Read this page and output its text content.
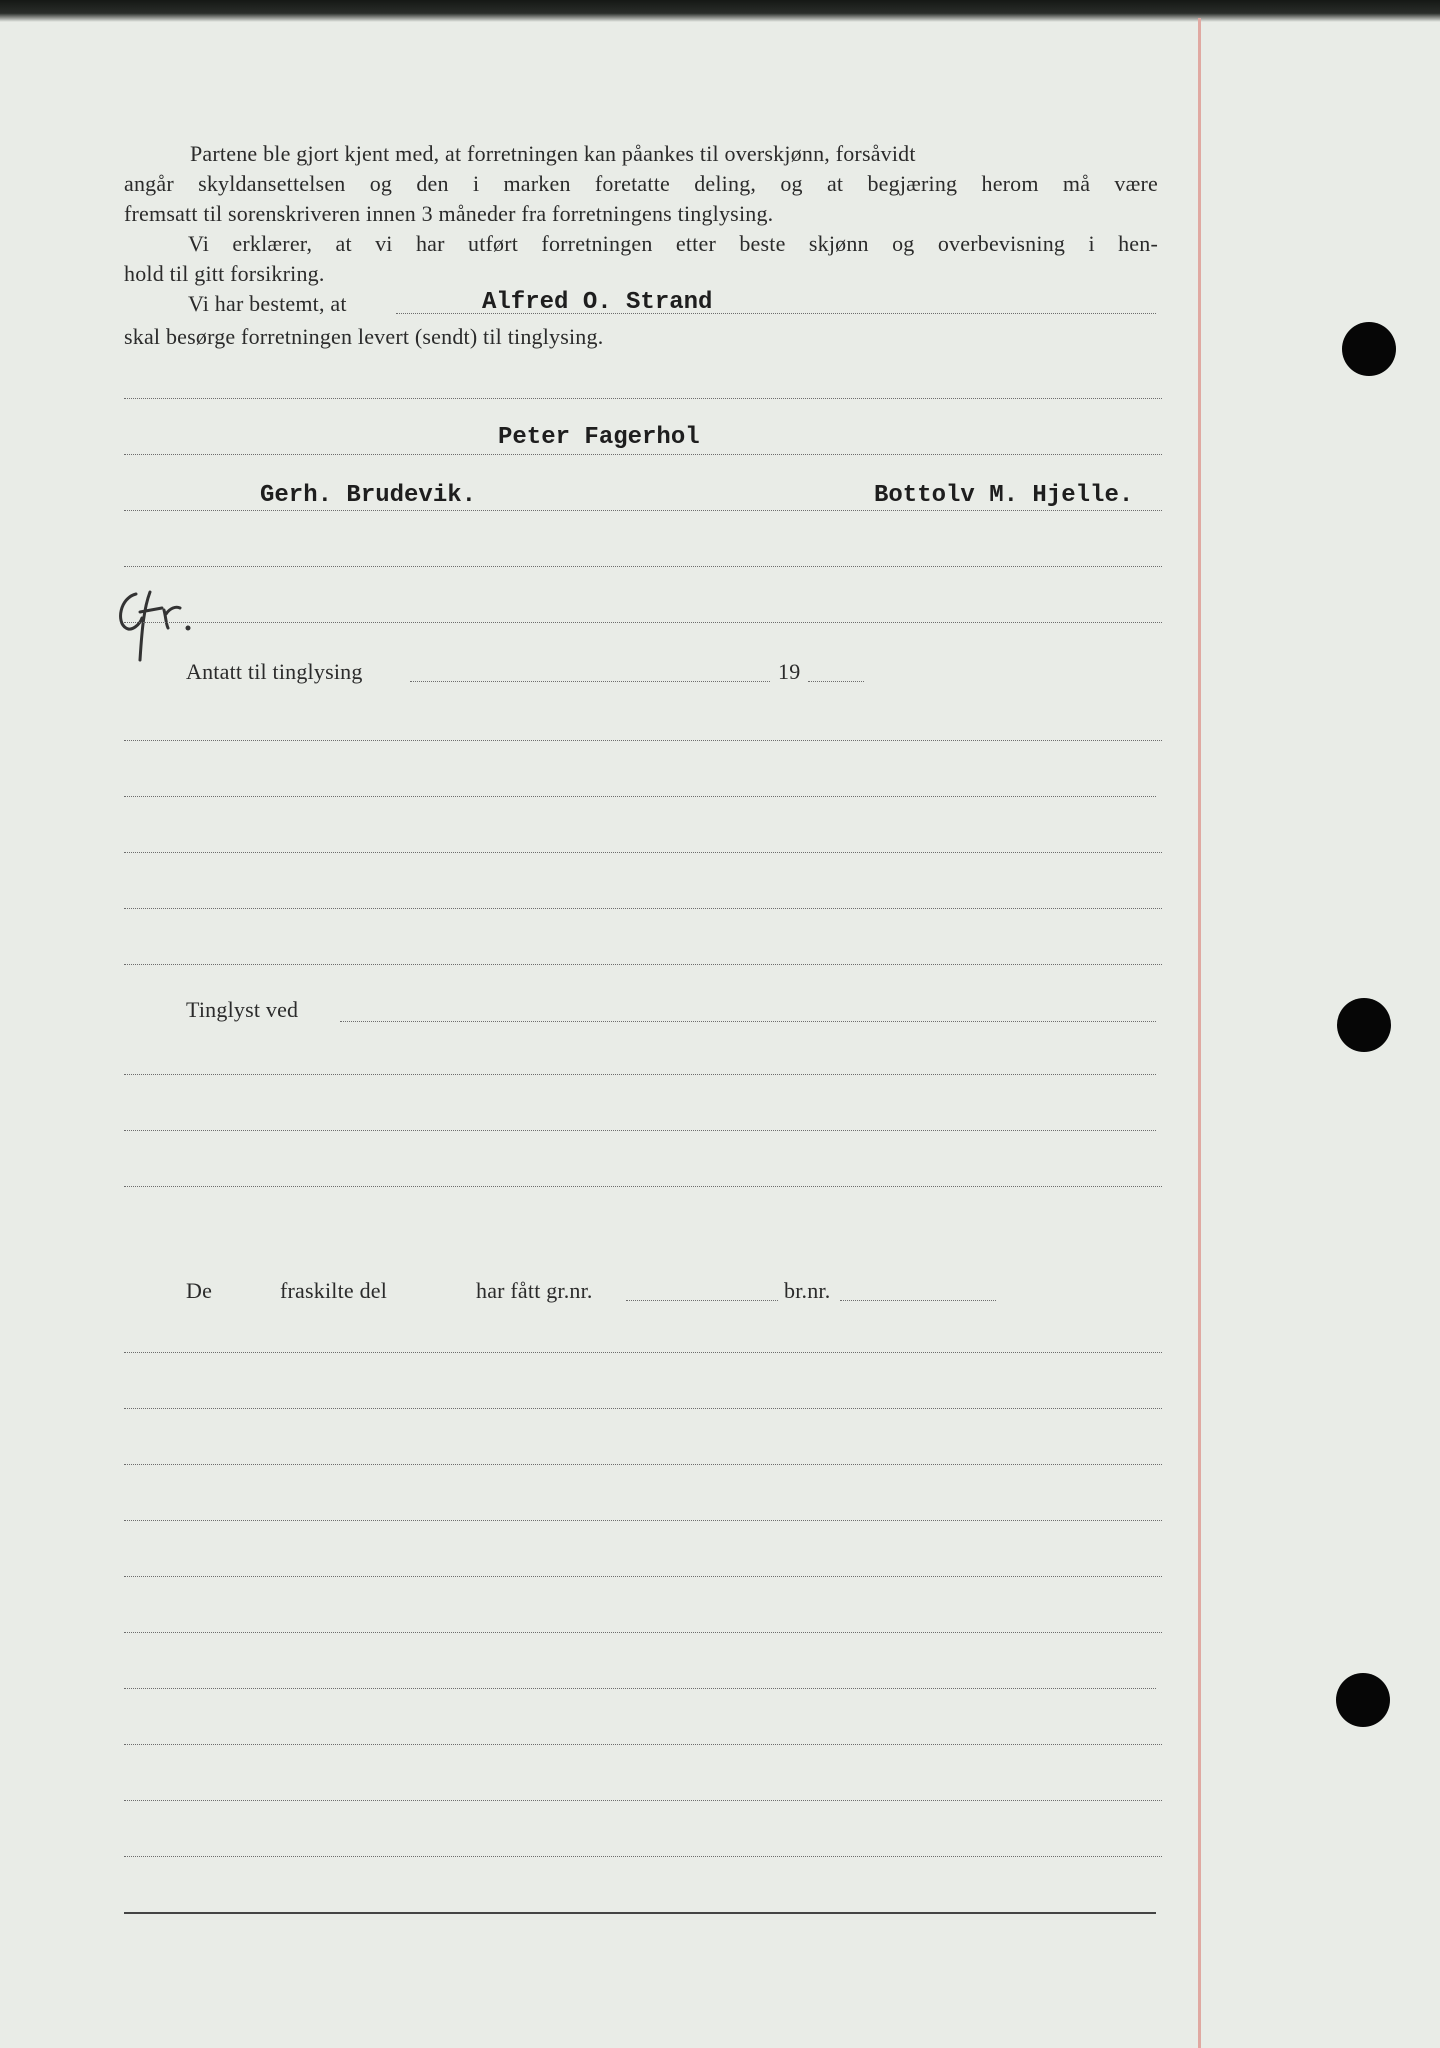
Partene ble gjort kjent med, at forretningen kan påankes til overskjønn, forsåvidt
angår skyldansettelsen og den i marken foretatte deling, og at begjæring herom må være
fremsatt til sorenskriveren innen 3 måneder fra forretningens tinglysing.
Vi erklærer, at vi har utført forretningen etter beste skjønn og overbevisning i hen-
hold til gitt forsikring.
Vi har bestemt, at	Alfred O. Strand
skal besørge forretningen levert (sendt) til tinglysing.
Peter Fagerhol
Gerh. Brudevik.	Bottolv M. Hjelle.
Antatt til tinglysing	19
Tinglyst ved
De	fraskilte del	har fått gr.nr.	br.nr.
